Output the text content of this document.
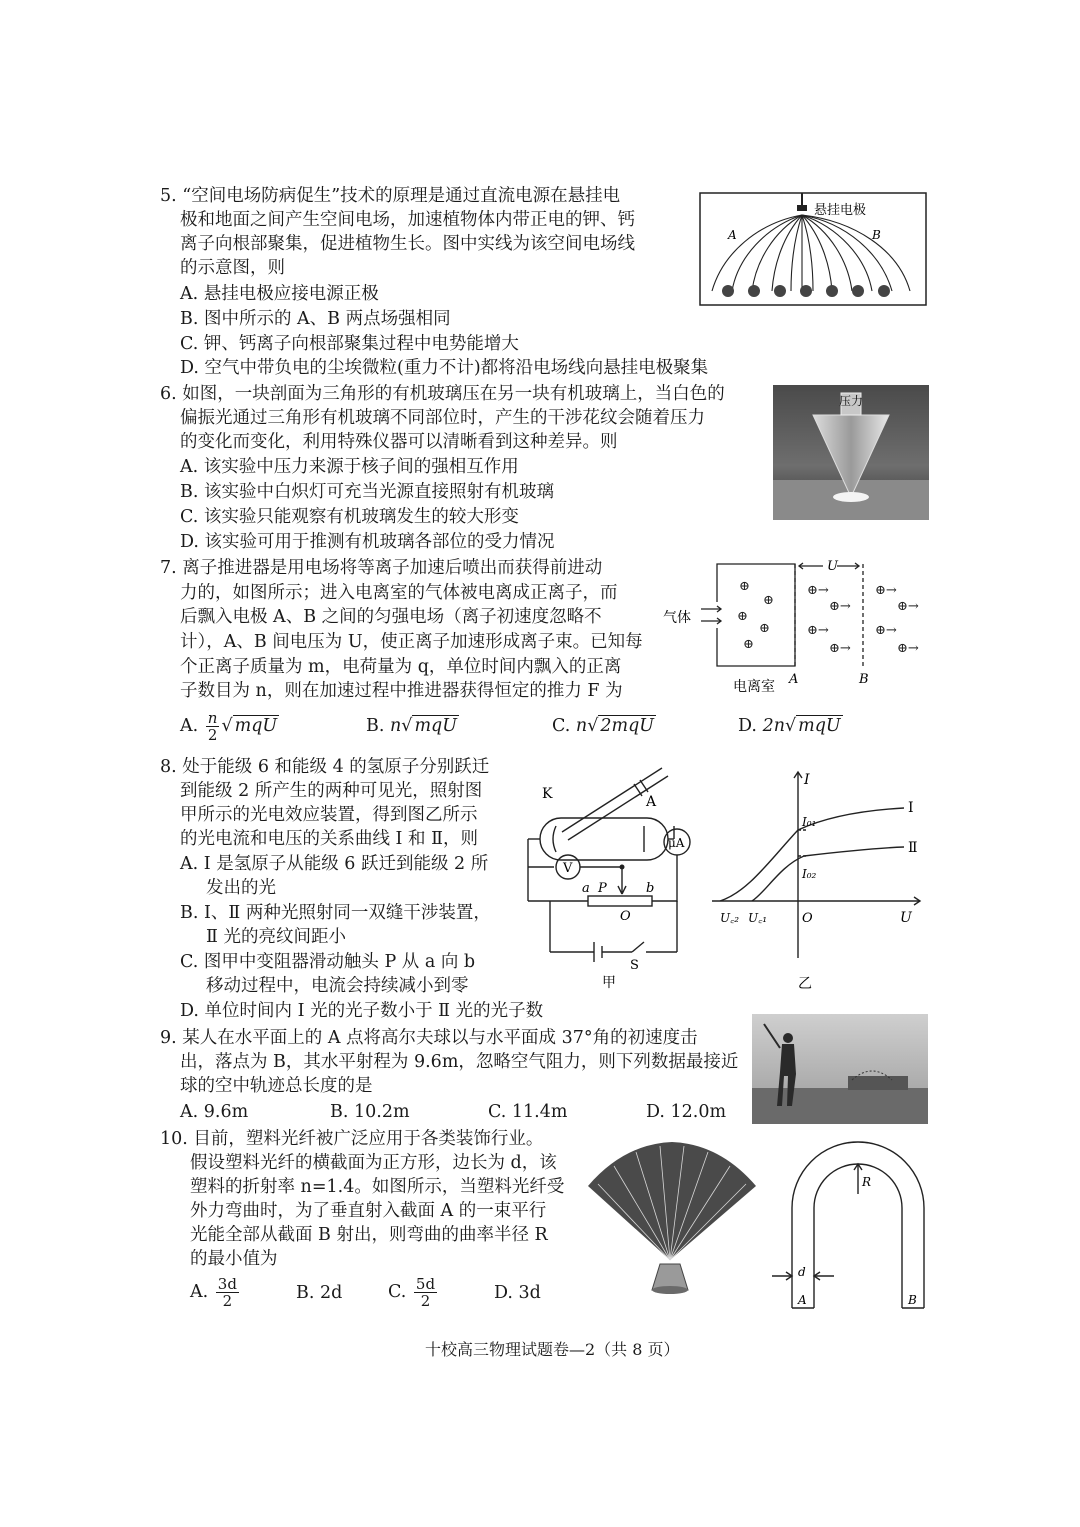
5. “空间电场防病促生”技术的原理是通过直流电源在悬挂电
极和地面之间产生空间电场，加速植物体内带正电的钾、钙
离子向根部聚集，促进植物生长。图中实线为该空间电场线
的示意图，则
A. 悬挂电极应接电源正极
B. 图中所示的 A、B 两点场强相同
C. 钾、钙离子向根部聚集过程中电势能增大
D. 空气中带负电的尘埃微粒(重力不计)都将沿电场线向悬挂电极聚集
悬挂电极
A	B
6. 如图，一块剖面为三角形的有机玻璃压在另一块有机玻璃上，当白色的
偏振光通过三角形有机玻璃不同部位时，产生的干涉花纹会随着压力
的变化而变化，利用特殊仪器可以清晰看到这种差异。则
A. 该实验中压力来源于核子间的强相互作用
B. 该实验中白炽灯可充当光源直接照射有机玻璃
C. 该实验只能观察有机玻璃发生的较大形变
D. 该实验可用于推测有机玻璃各部位的受力情况
压力
7. 离子推进器是用电场将等离子加速后喷出而获得前进动
力的，如图所示；进入电离室的气体被电离成正离子，而
后飘入电极 A、B 之间的匀强电场（离子初速度忽略不
计），A、B 间电压为 U，使正离子加速形成离子束。已知每
个正离子质量为 m，电荷量为 q，单位时间内飘入的正离
子数目为 n，则在加速过程中推进器获得恒定的推力 F 为
A. $\frac{n}{2}$ √ mqU	B. n√ mqU	C. n√ 2mqU	D. 2n√ mqU
气体
U
⊕
⊕
⊕
⊕
⊕
⊕→
⊕→
⊕→
⊕→
⊕→
⊕→
⊕→
⊕→
电离室 A	B
8. 处于能级 6 和能级 4 的氢原子分别跃迁
到能级 2 所产生的两种可见光，照射图
甲所示的光电效应装置，得到图乙所示
的光电流和电压的关系曲线 Ⅰ 和 Ⅱ，则
A. Ⅰ 是氢原子从能级 6 跃迁到能级 2 所
发出的光
B. Ⅰ、Ⅱ 两种光照射同一双缝干涉装置，
Ⅱ 光的亮纹间距小
C. 图甲中变阻器滑动触头 P 从 a 向 b
移动过程中，电流会持续减小到零
D. 单位时间内 Ⅰ 光的光子数小于 Ⅱ 光的光子数
K	A
μA
V
a P	b
O
S
甲
I
I₀₁
I₀₂
Ⅰ
Ⅱ
U꜀₂ U꜀₁	O	U
乙
9. 某人在水平面上的 A 点将高尔夫球以与水平面成 37°角的初速度击
出，落点为 B，其水平射程为 9.6m，忽略空气阻力，则下列数据最接近
球的空中轨迹总长度的是
A. 9.6m	B. 10.2m	C. 11.4m	D. 12.0m
10. 目前，塑料光纤被广泛应用于各类装饰行业。
假设塑料光纤的横截面为正方形，边长为 d，该
塑料的折射率 n=1.4。如图所示，当塑料光纤受
外力弯曲时，为了垂直射入截面 A 的一束平行
光能全部从截面 B 射出，则弯曲的曲率半径 R
的最小值为
A. $\frac{3d}{2}$	B. 2d	C. $\frac{5d}{2}$	D. 3d
R
d
A	B
十校高三物理试题卷—2（共 8 页）
